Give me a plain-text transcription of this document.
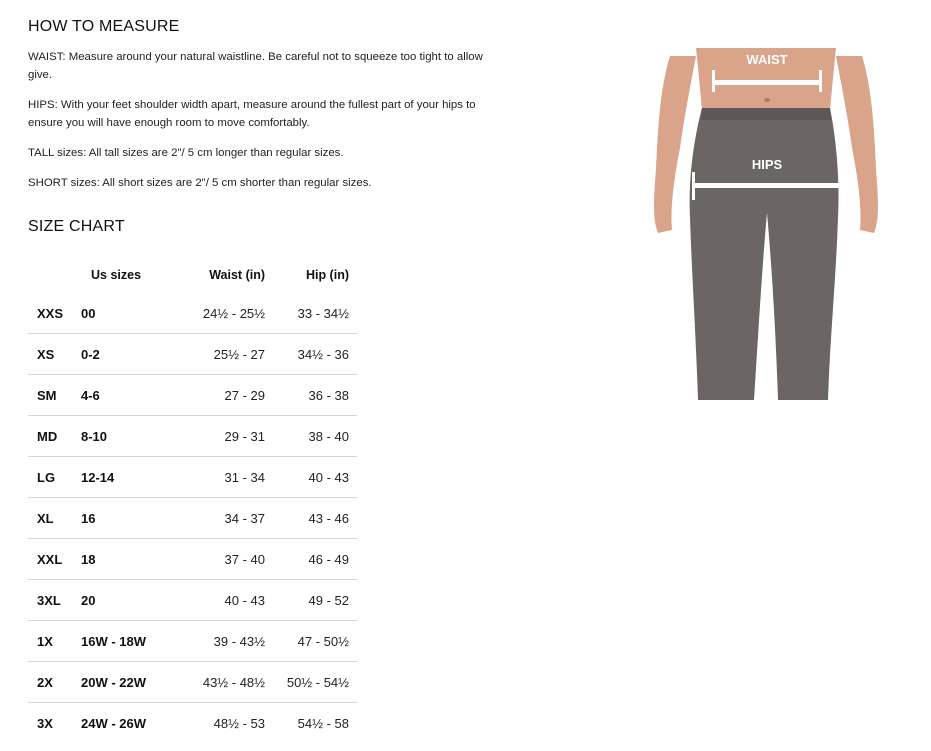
HOW TO MEASURE

WAIST: Measure around your natural waistline. Be careful not to squeeze too tight to allow give.

HIPS: With your feet shoulder width apart, measure around the fullest part of your hips to ensure you will have enough room to move comfortably.

TALL sizes: All tall sizes are 2"/ 5 cm longer than regular sizes.

SHORT sizes: All short sizes are 2"/ 5 cm shorter than regular sizes.

SIZE CHART
	Us sizes	Waist (in)	Hip (in)
XXS	00	24½ - 25½	33 - 34½
XS	0-2	25½ - 27	34½ - 36
SM	4-6	27 - 29	36 - 38
MD	8-10	29 - 31	38 - 40
LG	12-14	31 - 34	40 - 43
XL	16	34 - 37	43 - 46
XXL	18	37 - 40	46 - 49
3XL	20	40 - 43	49 - 52
1X	16W - 18W	39 - 43½	47 - 50½
2X	20W - 22W	43½ - 48½	50½ - 54½
3X	24W - 26W	48½ - 53	54½ - 58
WAIST
HIPS
